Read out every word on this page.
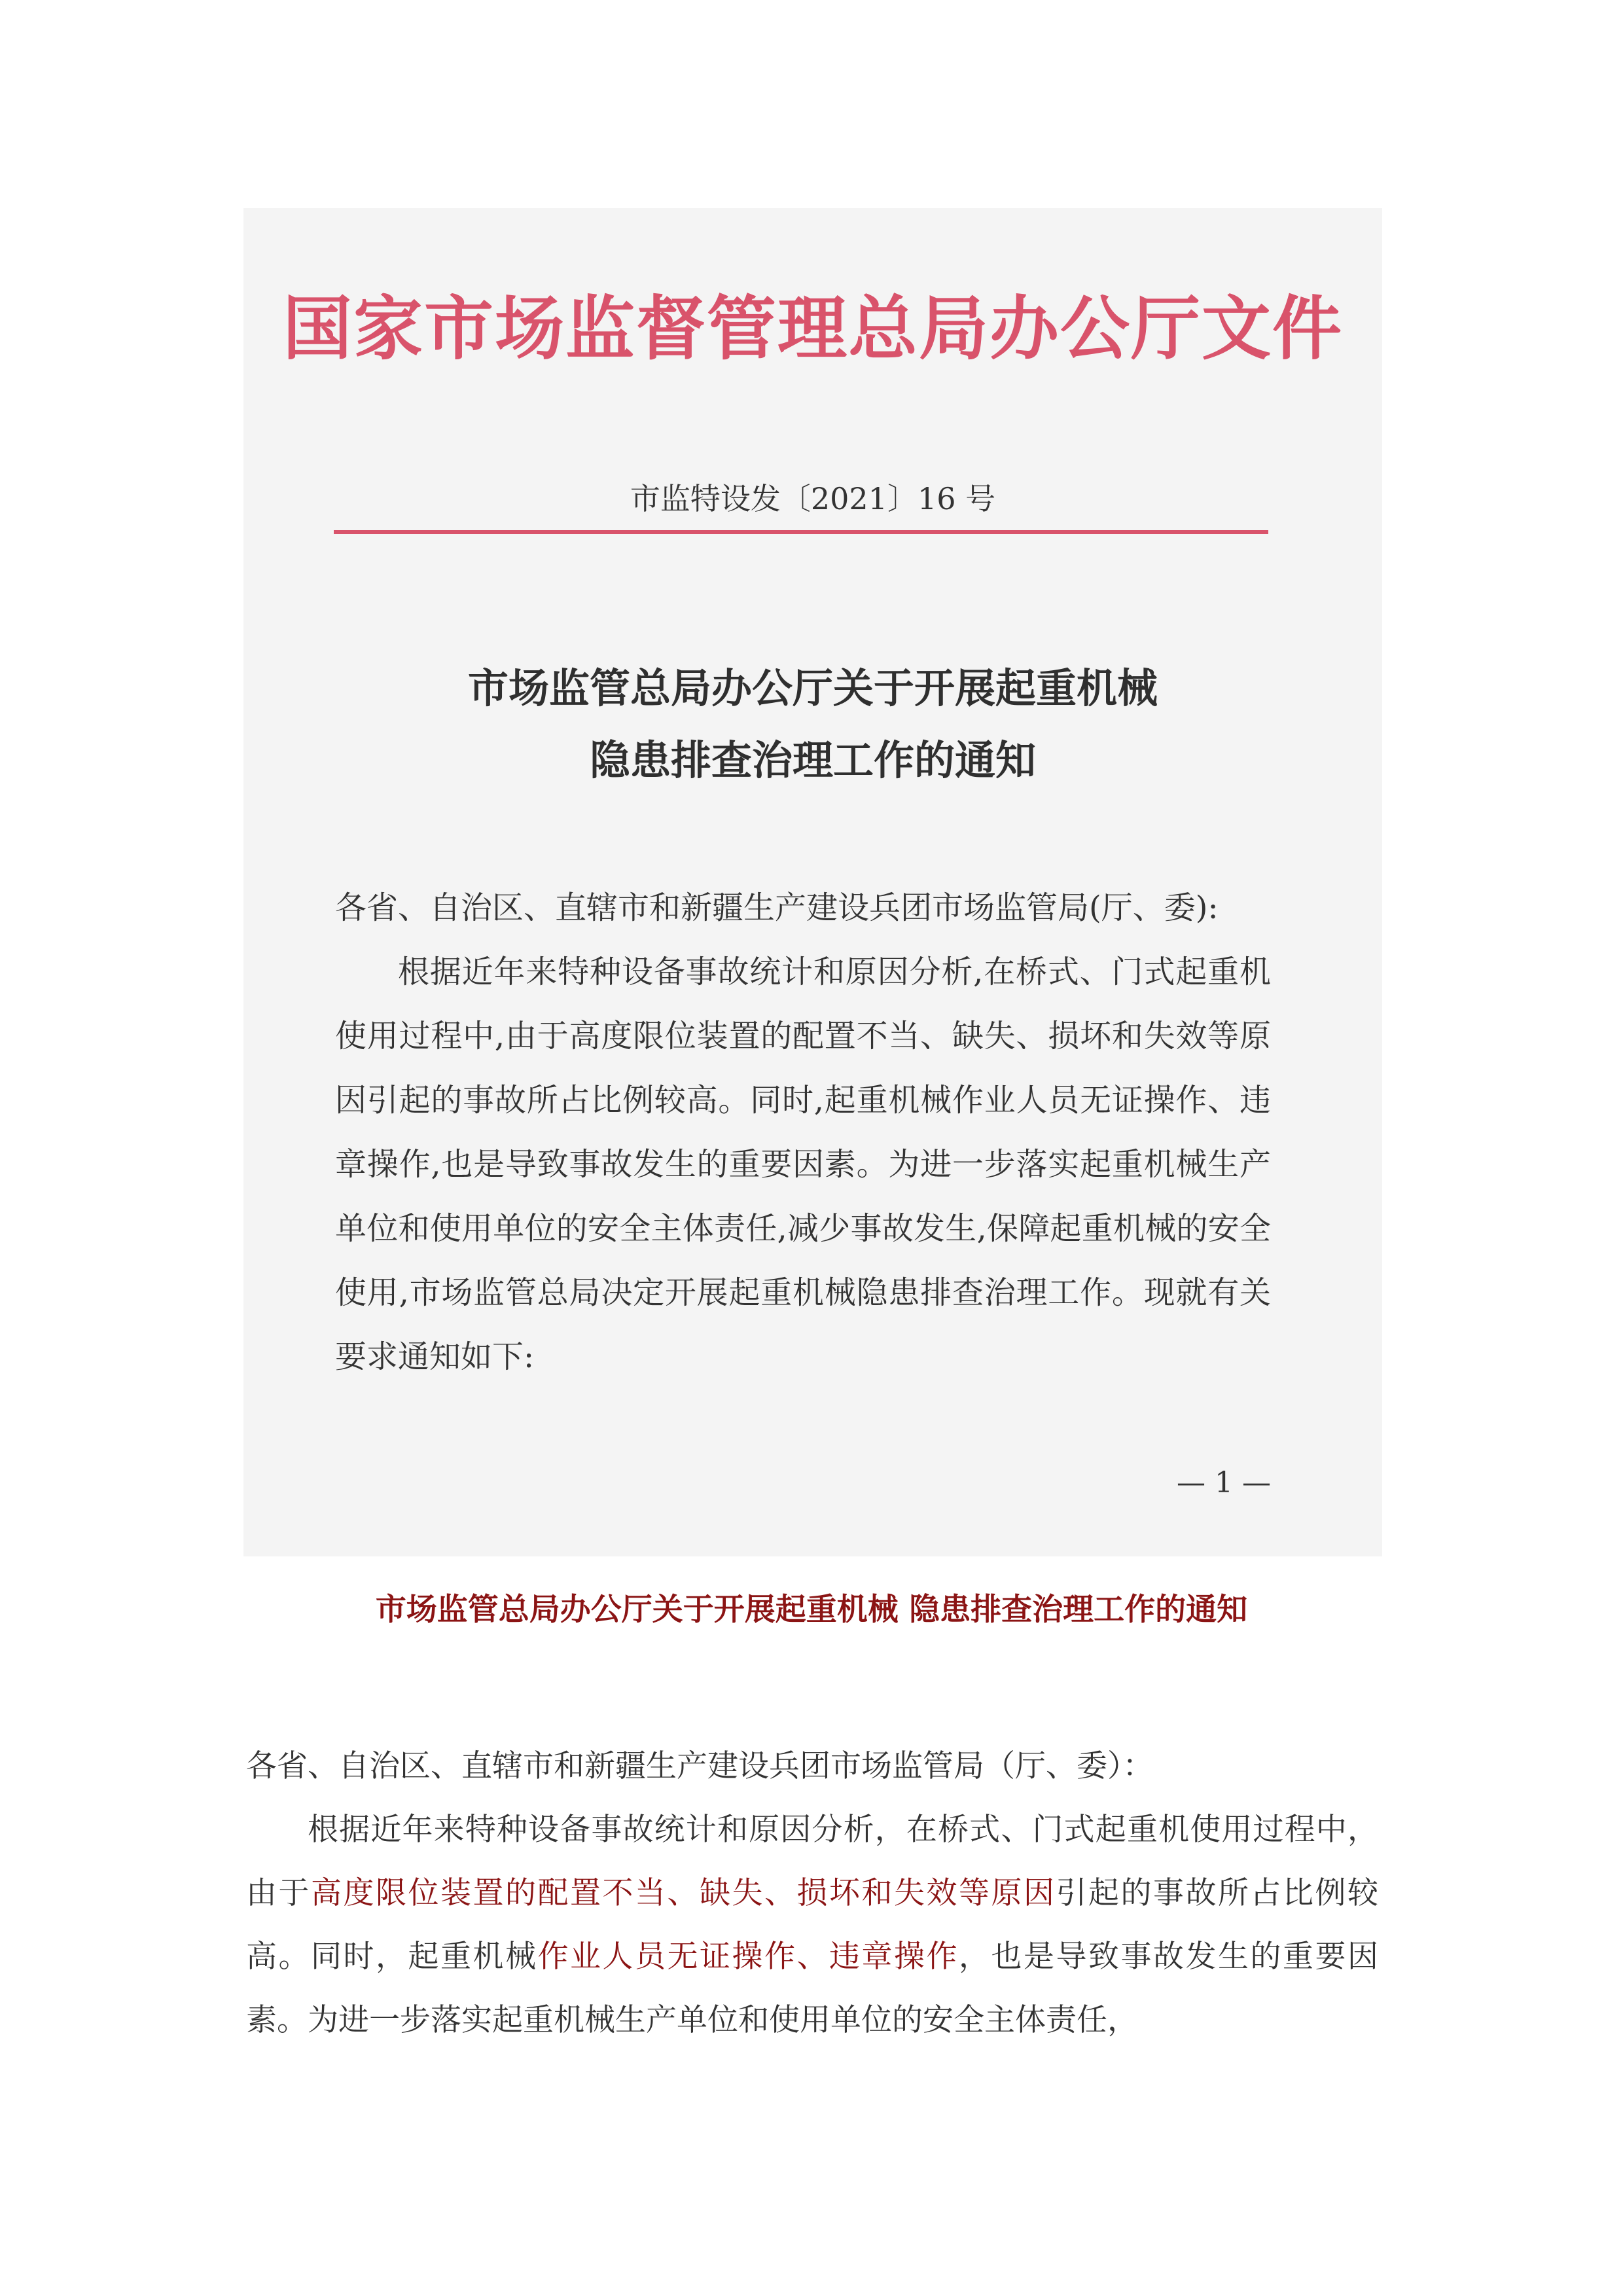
国家市场监督管理总局办公厅文件
市监特设发〔2021〕16 号
市场监管总局办公厅关于开展起重机械
隐患排查治理工作的通知

各省、自治区、直辖市和新疆生产建设兵团市场监管局(厅、委):

根据近年来特种设备事故统计和原因分析,在桥式、门式起重机使用过程中,由于高度限位装置的配置不当、缺失、损坏和失效等原因引起的事故所占比例较高。同时,起重机械作业人员无证操作、违章操作,也是导致事故发生的重要因素。为进一步落实起重机械生产单位和使用单位的安全主体责任,减少事故发生,保障起重机械的安全使用,市场监管总局决定开展起重机械隐患排查治理工作。现就有关要求通知如下:

— 1 —
市场监管总局办公厅关于开展起重机械 隐患排查治理工作的通知

各省、自治区、直辖市和新疆生产建设兵团市场监管局（厅、委）：

根据近年来特种设备事故统计和原因分析，在桥式、门式起重机使用过程中，由于高度限位装置的配置不当、缺失、损坏和失效等原因引起的事故所占比例较高。同时，起重机械作业人员无证操作、违章操作，也是导致事故发生的重要因素。为进一步落实起重机械生产单位和使用单位的安全主体责任，
